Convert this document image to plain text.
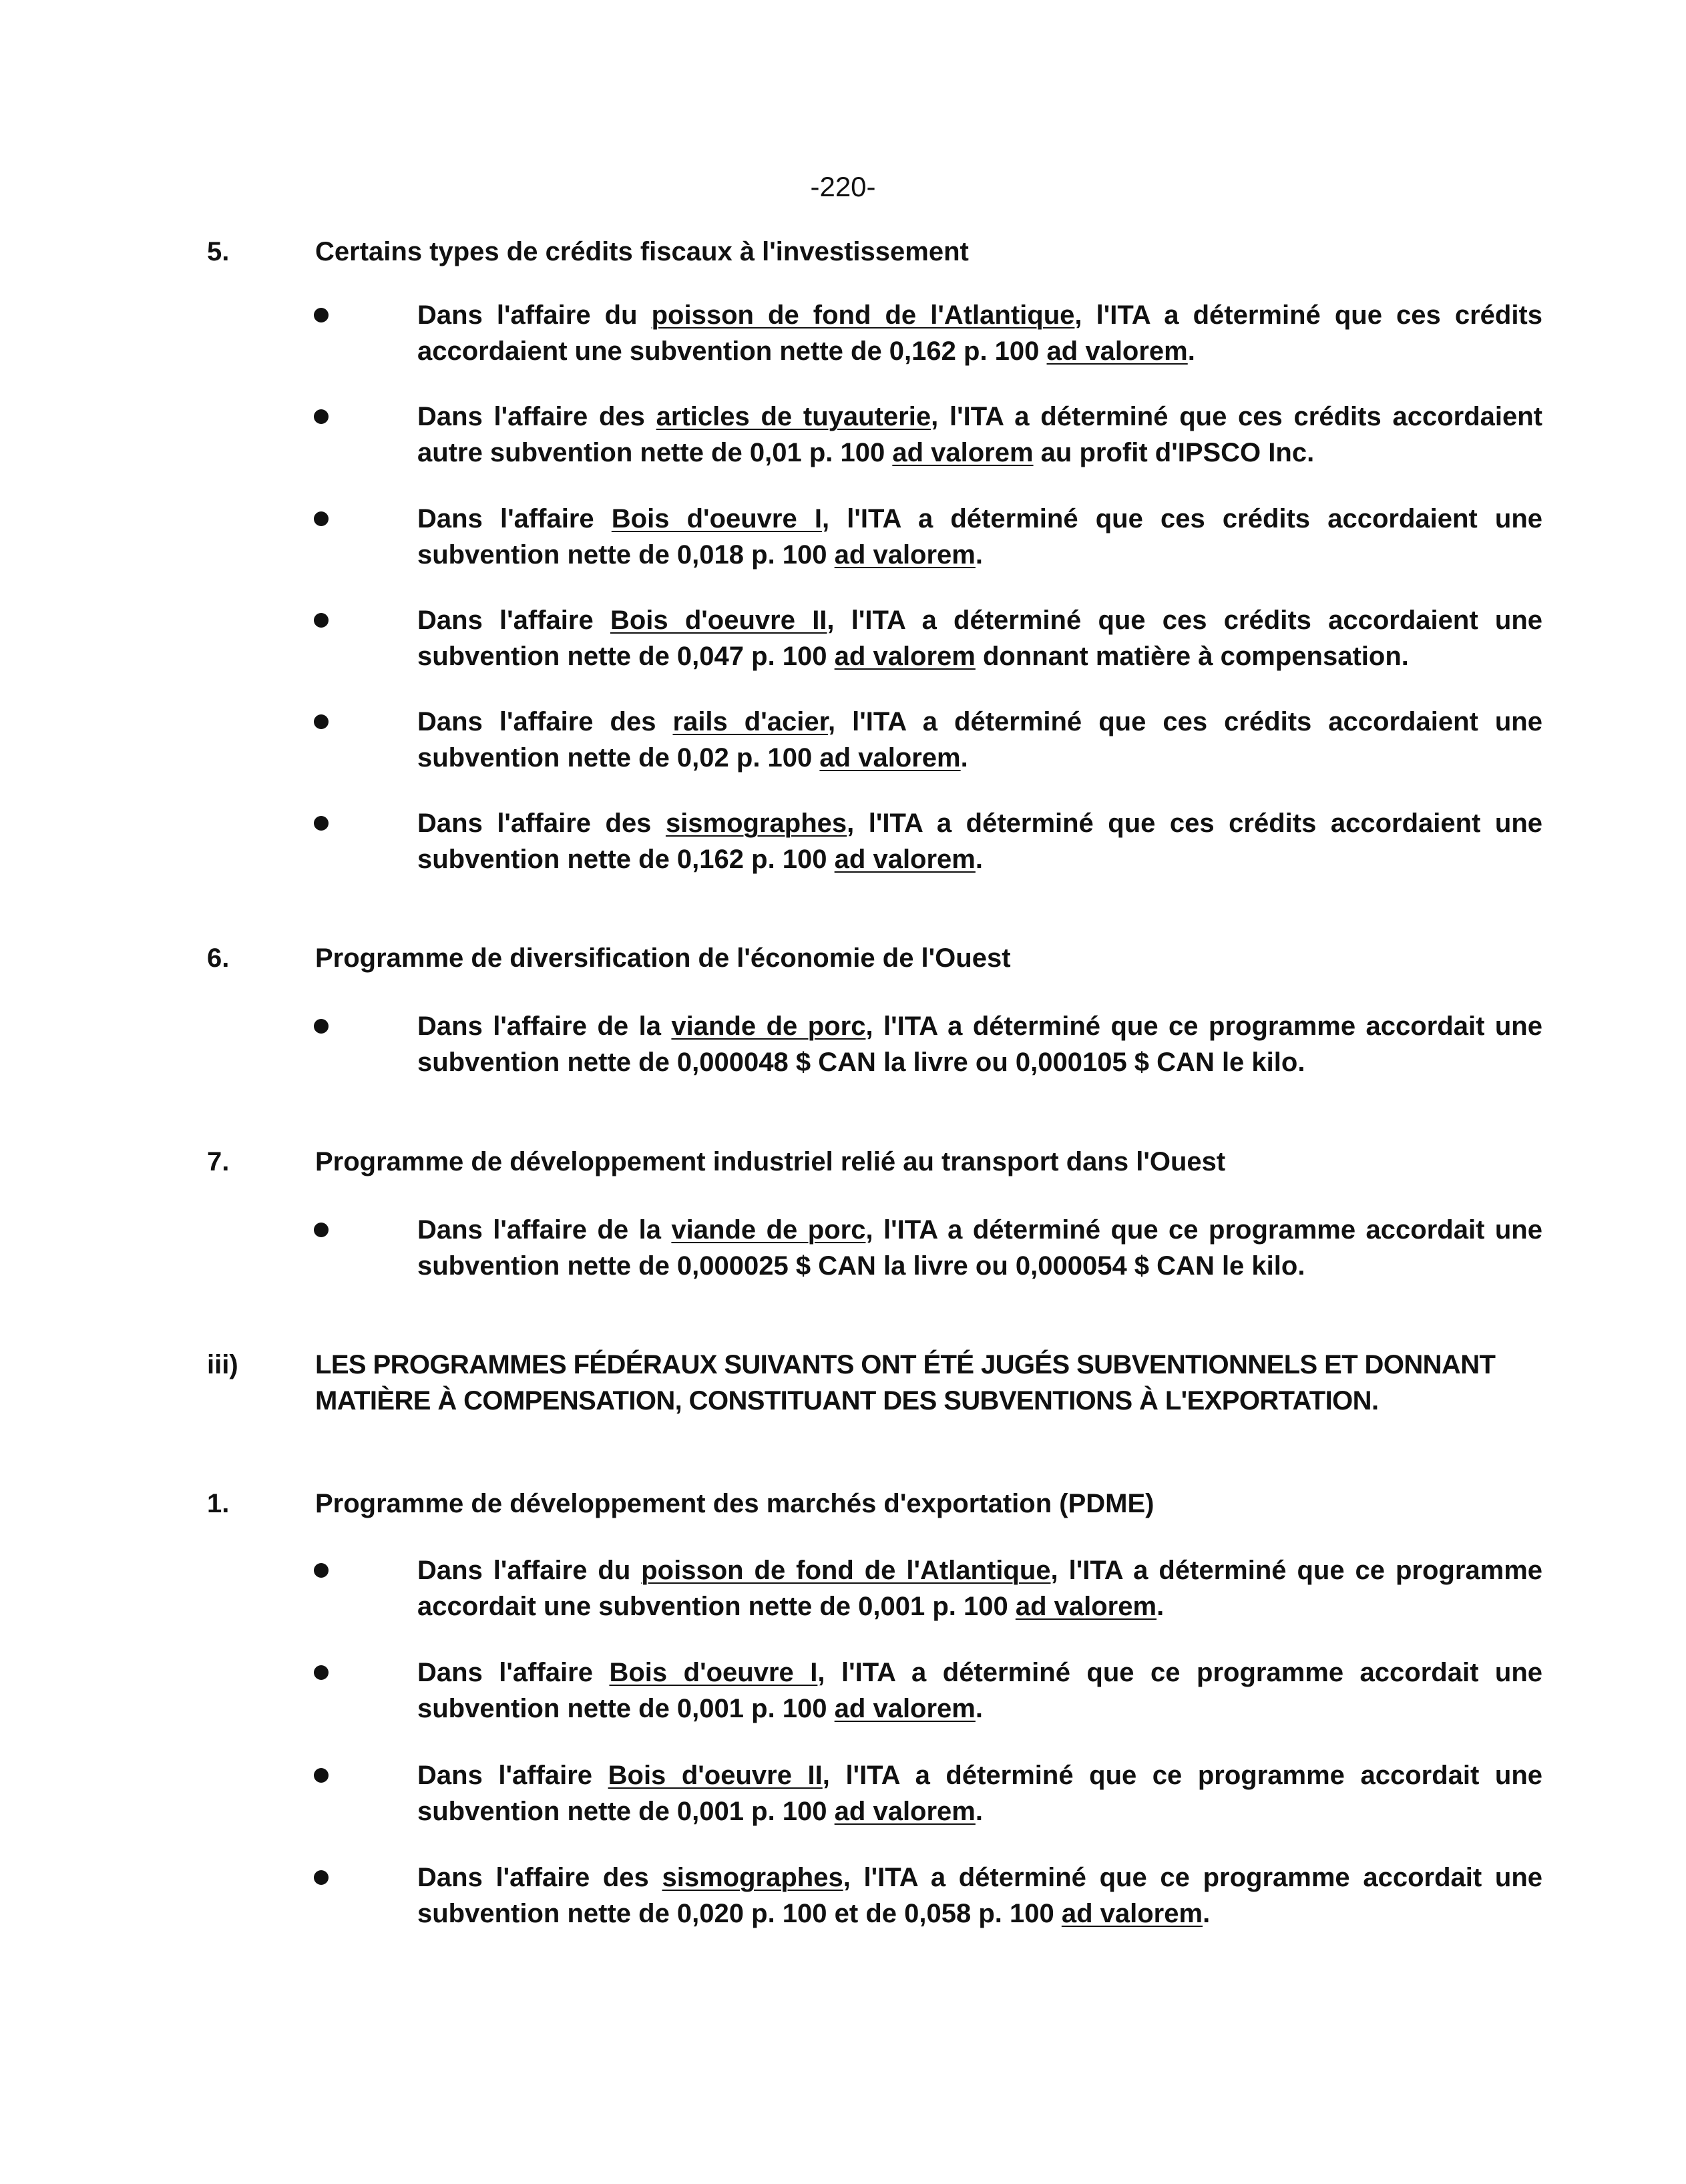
-220-
5.	Certains types de crédits fiscaux à l'investissement
Dans l'affaire du poisson de fond de l'Atlantique, l'ITA a déterminé que ces crédits accordaient une subvention nette de 0,162 p. 100 ad valorem.
Dans l'affaire des articles de tuyauterie, l'ITA a déterminé que ces crédits accordaient autre subvention nette de 0,01 p. 100 ad valorem au profit d'IPSCO Inc.
Dans l'affaire Bois d'oeuvre I, l'ITA a déterminé que ces crédits accordaient une subvention nette de 0,018 p. 100 ad valorem.
Dans l'affaire Bois d'oeuvre II, l'ITA a déterminé que ces crédits accordaient une subvention nette de 0,047 p. 100 ad valorem donnant matière à compensation.
Dans l'affaire des rails d'acier, l'ITA a déterminé que ces crédits accordaient une subvention nette de 0,02 p. 100 ad valorem.
Dans l'affaire des sismographes, l'ITA a déterminé que ces crédits accordaient une subvention nette de 0,162 p. 100 ad valorem.
6.	Programme de diversification de l'économie de l'Ouest
Dans l'affaire de la viande de porc, l'ITA a déterminé que ce programme accordait une subvention nette de 0,000048 $ CAN la livre ou 0,000105 $ CAN le kilo.
7.	Programme de développement industriel relié au transport dans l'Ouest
Dans l'affaire de la viande de porc, l'ITA a déterminé que ce programme accordait une subvention nette de 0,000025 $ CAN la livre ou 0,000054 $ CAN le kilo.
iii)	LES PROGRAMMES FÉDÉRAUX SUIVANTS ONT ÉTÉ JUGÉS SUBVENTIONNELS ET DONNANT MATIÈRE À COMPENSATION, CONSTITUANT DES SUBVENTIONS À L'EXPORTATION.
1.	Programme de développement des marchés d'exportation (PDME)
Dans l'affaire du poisson de fond de l'Atlantique, l'ITA a déterminé que ce programme accordait une subvention nette de 0,001 p. 100 ad valorem.
Dans l'affaire Bois d'oeuvre I, l'ITA a déterminé que ce programme accordait une subvention nette de 0,001 p. 100 ad valorem.
Dans l'affaire Bois d'oeuvre II, l'ITA a déterminé que ce programme accordait une subvention nette de 0,001 p. 100 ad valorem.
Dans l'affaire des sismographes, l'ITA a déterminé que ce programme accordait une subvention nette de 0,020 p. 100 et de 0,058 p. 100 ad valorem.
